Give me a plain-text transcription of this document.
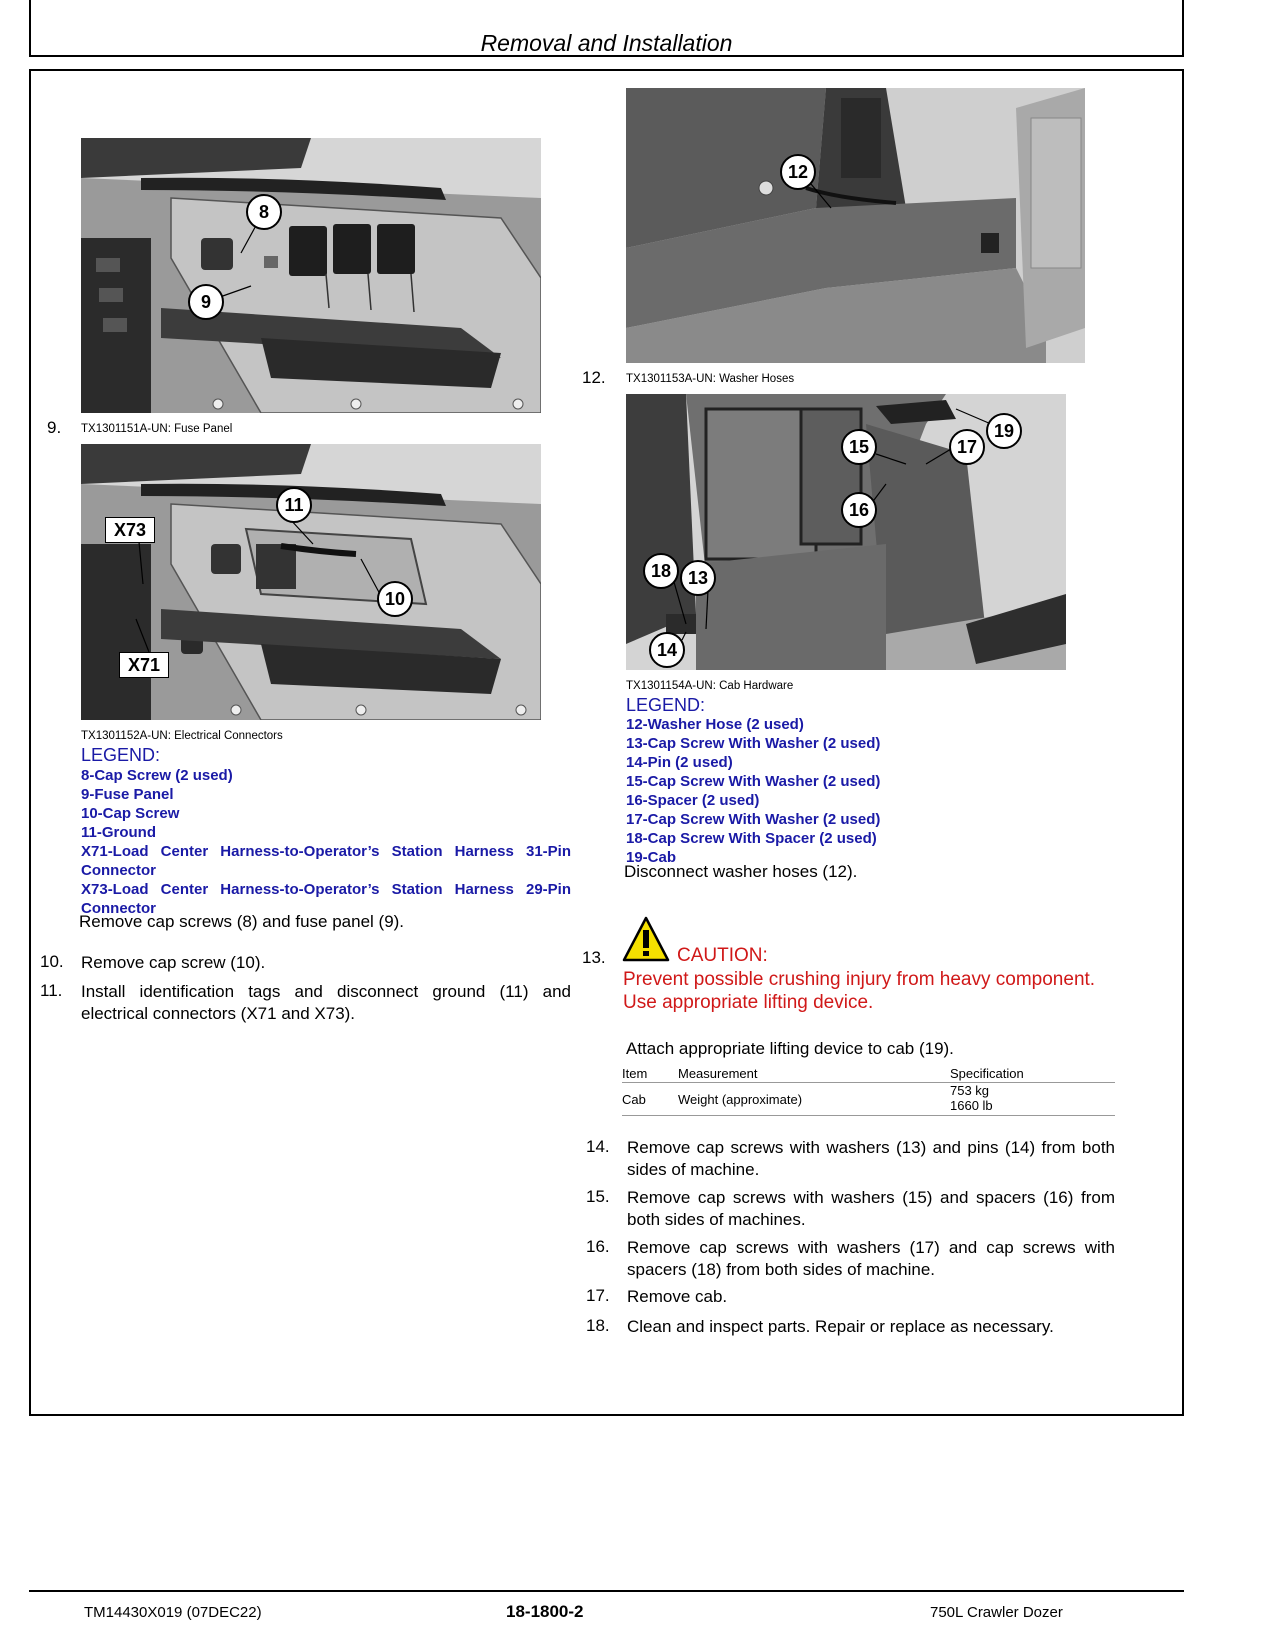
Removal and Installation
8
9
9. TX1301151A-UN: Fuse Panel
11
10
X73
X71
TX1301152A-UN: Electrical Connectors
LEGEND:
8-Cap Screw (2 used)
9-Fuse Panel
10-Cap Screw
11-Ground
X71-Load Center Harness-to-Operator’s Station Harness 31-Pin Connector
X73-Load Center Harness-to-Operator’s Station Harness 29-Pin Connector
Remove cap screws (8) and fuse panel (9).
10. Remove cap screw (10).
11. Install identification tags and disconnect ground (11) and electrical connectors (X71 and X73).
12
12. TX1301153A-UN: Washer Hoses
19
15	17
16
18 13
14
TX1301154A-UN: Cab Hardware
LEGEND:
12-Washer Hose (2 used)
13-Cap Screw With Washer (2 used)
14-Pin (2 used)
15-Cap Screw With Washer (2 used)
16-Spacer (2 used)
17-Cap Screw With Washer (2 used)
18-Cap Screw With Spacer (2 used)
19-Cab
Disconnect washer hoses (12).
13.	CAUTION:
Prevent possible crushing injury from heavy component.
Use appropriate lifting device.
Attach appropriate lifting device to cab (19).
Item	Measurement	Specification
Cab	Weight (approximate)	753 kg
1660 lb
14. Remove cap screws with washers (13) and pins (14) from both sides of machine.
15. Remove cap screws with washers (15) and spacers (16) from both sides of machines.
16. Remove cap screws with washers (17) and cap screws with spacers (18) from both sides of machine.
17. Remove cab.
18. Clean and inspect parts. Repair or replace as necessary.
TM14430X019 (07DEC22)	18-1800-2	750L Crawler Dozer
